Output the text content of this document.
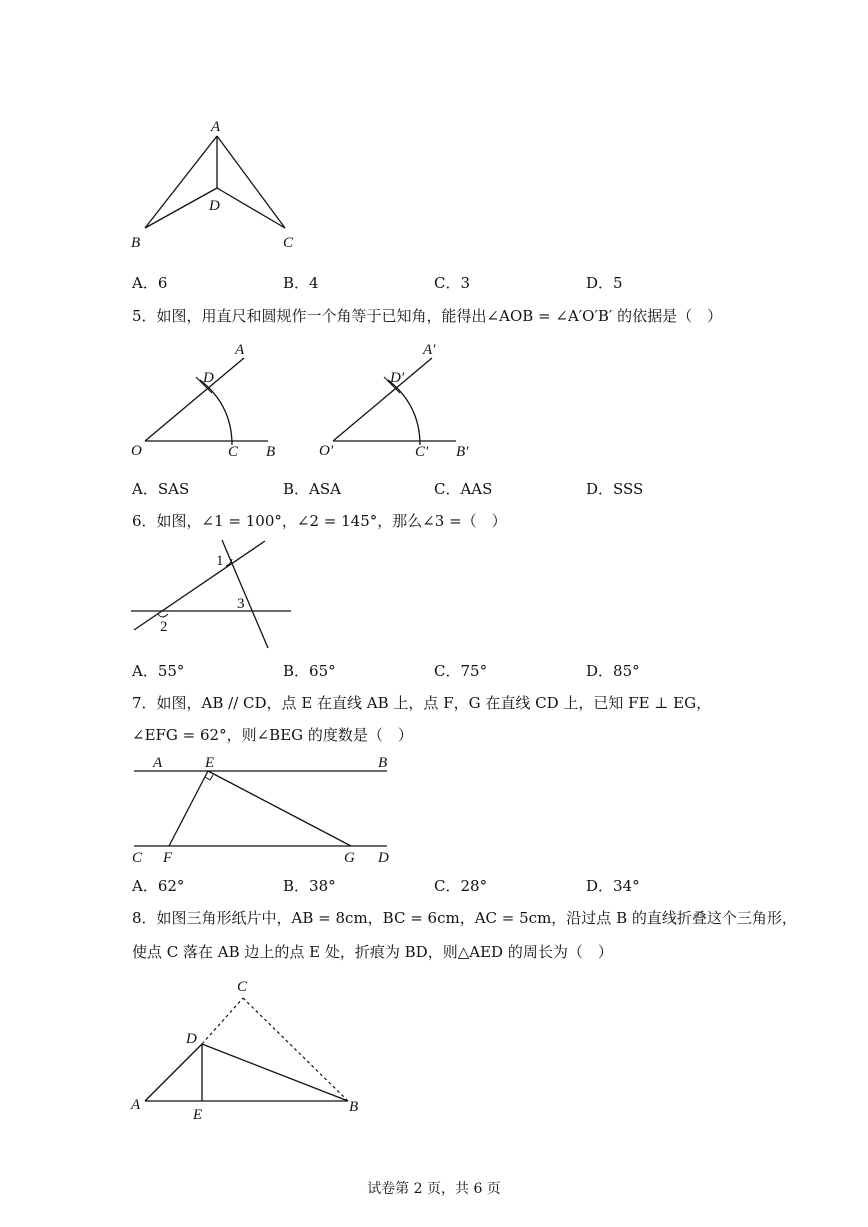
A
D
B	C
A．6	B．4	C．3	D．5
5．如图，用直尺和圆规作一个角等于已知角，能得出∠AOB = ∠A′O′B′ 的依据是（　）
A
D
O	C B
A′
D′
O′	C′ B′
A．SAS	B．ASA	C．AAS	D．SSS
6．如图，∠1 = 100°，∠2 = 145°，那么∠3 =（　）
1
3
2
A．55°	B．65°	C．75°	D．85°
7．如图，AB // CD，点 E 在直线 AB 上，点 F，G 在直线 CD 上，已知 FE ⊥ EG，
∠EFG = 62°，则∠BEG 的度数是（　）
A	E	B
C F	G D
A．62°	B．38°	C．28°	D．34°
8．如图三角形纸片中，AB = 8cm，BC = 6cm，AC = 5cm，沿过点 B 的直线折叠这个三角形，
使点 C 落在 AB 边上的点 E 处，折痕为 BD，则△AED 的周长为（　）
C
D
A
E	B
试卷第 2 页，共 6 页
